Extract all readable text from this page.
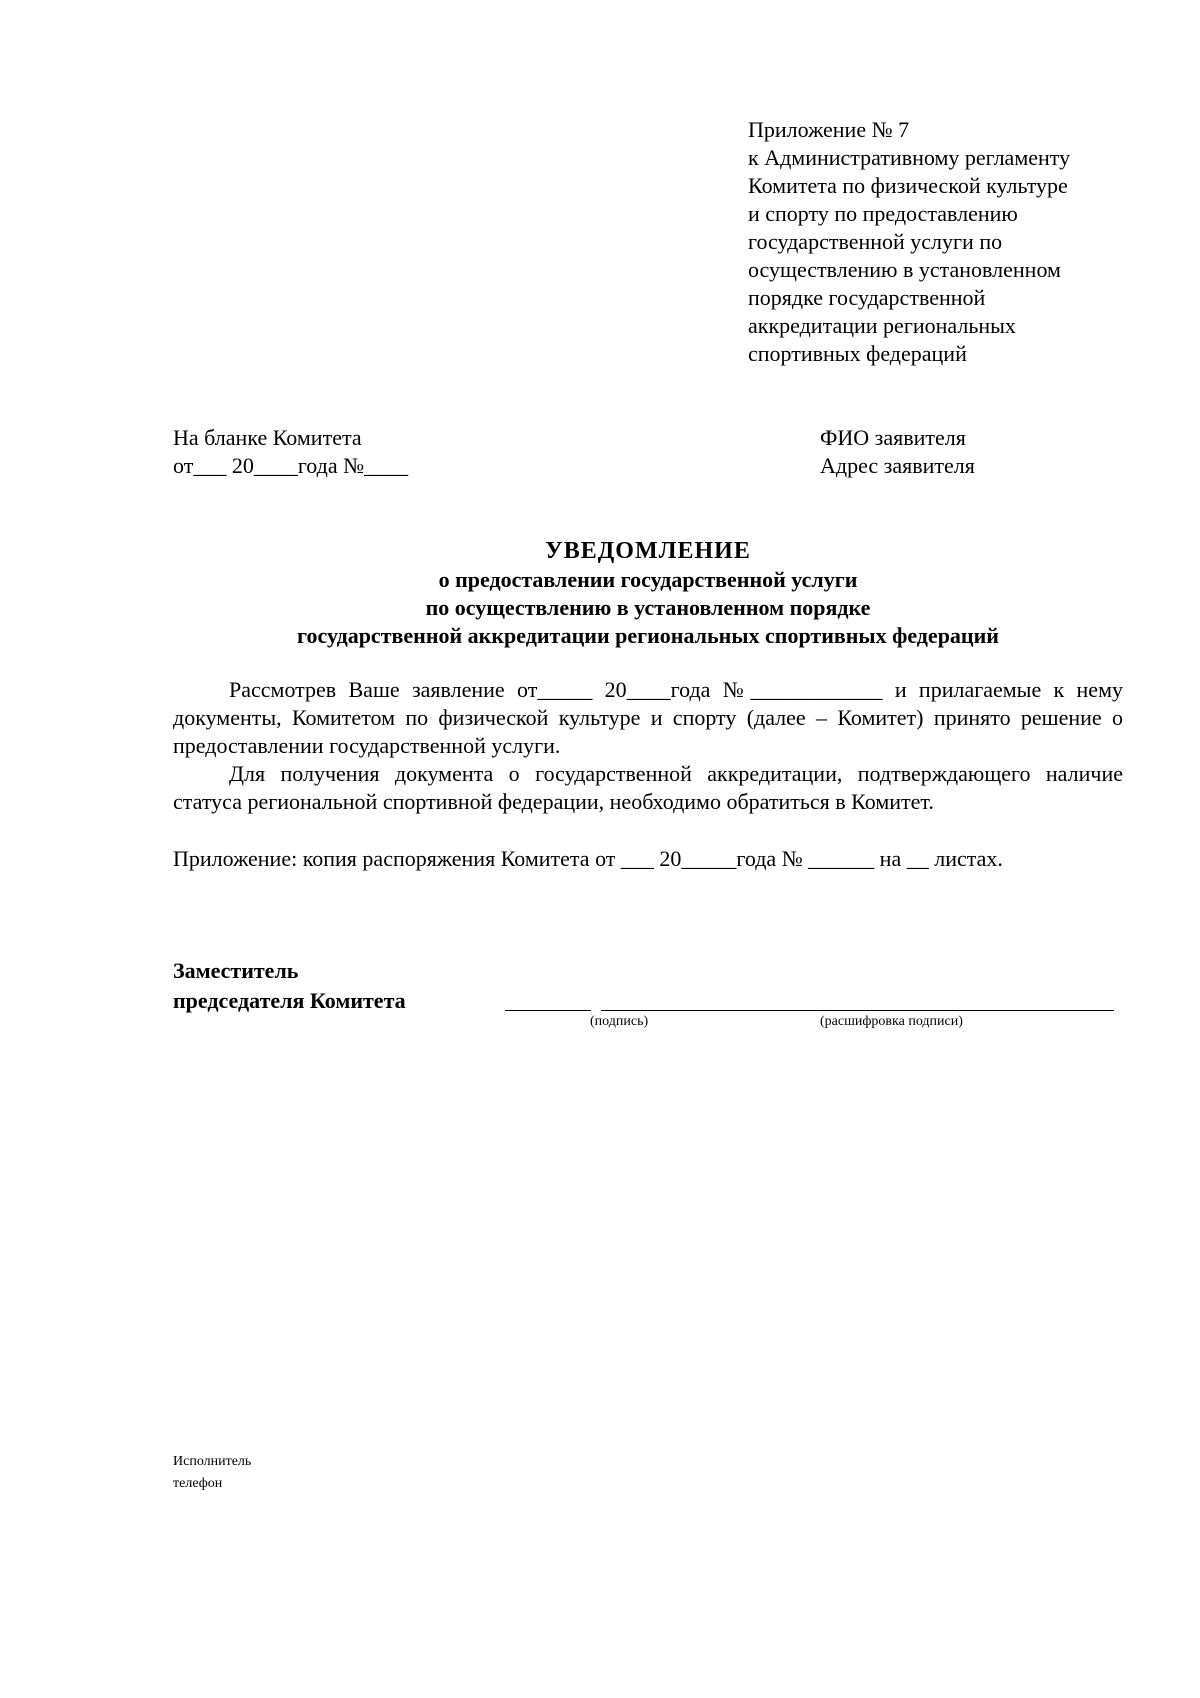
Приложение № 7
к Административному регламенту
Комитета по физической культуре
и спорту по предоставлению
государственной услуги по
осуществлению в установленном
порядке государственной
аккредитации региональных
спортивных федераций
На бланке Комитета
от___ 20____года №____
ФИО заявителя
Адрес заявителя
УВЕДОМЛЕНИЕ
о предоставлении государственной услуги
по осуществлению в установленном порядке
государственной аккредитации региональных спортивных федераций

Рассмотрев Ваше заявление от_____ 20____года №____________ и прилагаемые к нему документы, Комитетом по физической культуре и спорту (далее – Комитет) принято решение о предоставлении государственной услуги.

Для получения документа о государственной аккредитации, подтверждающего наличие статуса региональной спортивной федерации, необходимо обратиться в Комитет.

Приложение: копия распоряжения Комитета от ___ 20_____года № ______ на __ листах.
Заместитель
председателя Комитета
(подпись)	(расшифровка подписи)
Исполнитель
телефон
